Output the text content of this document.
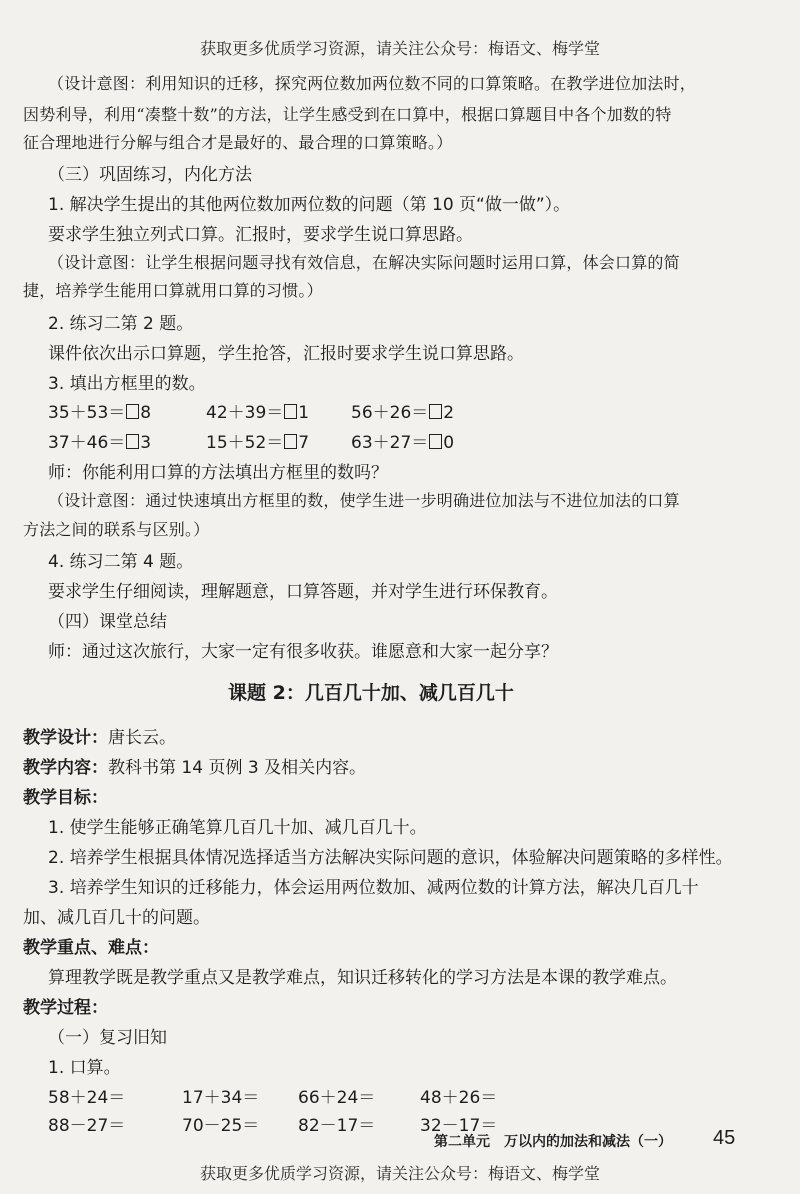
获取更多优质学习资源，请关注公众号：梅语文、梅学堂
（设计意图：利用知识的迁移，探究两位数加两位数不同的口算策略。在教学进位加法时，
因势利导，利用“凑整十数”的方法，让学生感受到在口算中，根据口算题目中各个加数的特
征合理地进行分解与组合才是最好的、最合理的口算策略。）
（三）巩固练习，内化方法
1. 解决学生提出的其他两位数加两位数的问题（第 10 页“做一做”）。
要求学生独立列式口算。汇报时，要求学生说口算思路。
（设计意图：让学生根据问题寻找有效信息，在解决实际问题时运用口算，体会口算的简
捷，培养学生能用口算就用口算的习惯。）
2. 练习二第 2 题。
课件依次出示口算题，学生抢答，汇报时要求学生说口算思路。
3. 填出方框里的数。
35＋53＝ 8	42＋39＝ 1 56＋26＝ 2
37＋46＝ 3	15＋52＝ 7 63＋27＝ 0
师：你能利用口算的方法填出方框里的数吗？
（设计意图：通过快速填出方框里的数，使学生进一步明确进位加法与不进位加法的口算
方法之间的联系与区别。）
4. 练习二第 4 题。
要求学生仔细阅读，理解题意，口算答题，并对学生进行环保教育。
（四）课堂总结
师：通过这次旅行，大家一定有很多收获。谁愿意和大家一起分享？
课题 2：几百几十加、减几百几十
教学设计：唐长云。
教学内容：教科书第 14 页例 3 及相关内容。
教学目标：
1. 使学生能够正确笔算几百几十加、减几百几十。
2. 培养学生根据具体情况选择适当方法解决实际问题的意识，体验解决问题策略的多样性。
3. 培养学生知识的迁移能力，体会运用两位数加、减两位数的计算方法，解决几百几十
加、减几百几十的问题。
教学重点、难点：
算理教学既是教学重点又是教学难点，知识迁移转化的学习方法是本课的教学难点。
教学过程：
（一）复习旧知
1. 口算。
58＋24＝	17＋34＝ 66＋24＝	48＋26＝
88－27＝	70－25＝ 82－17＝	32－17＝
第二单元　万以内的加法和减法（一） 45
获取更多优质学习资源，请关注公众号：梅语文、梅学堂
